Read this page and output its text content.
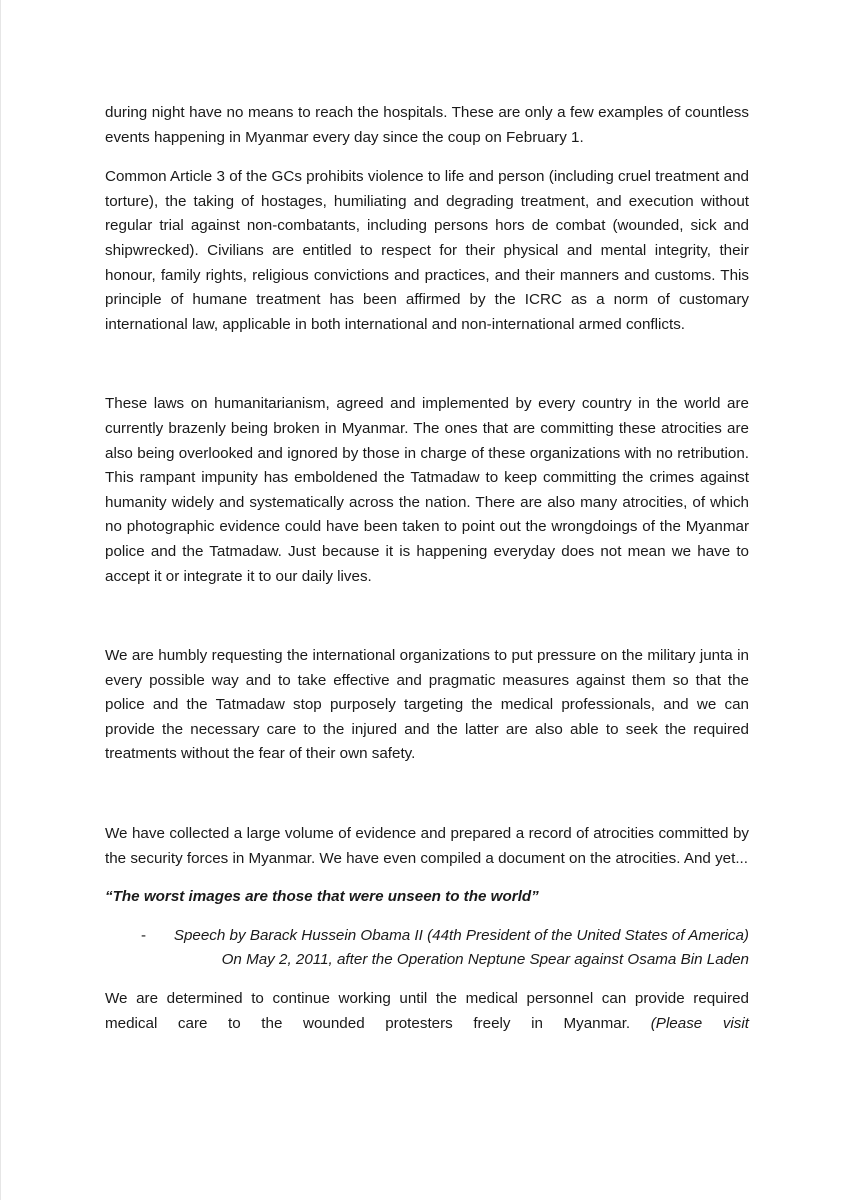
during night have no means to reach the hospitals. These are only a few examples of countless events happening in Myanmar every day since the coup on February 1.

Common Article 3 of the GCs prohibits violence to life and person (including cruel treatment and torture), the taking of hostages, humiliating and degrading treatment, and execution without regular trial against non-combatants, including persons hors de combat (wounded, sick and shipwrecked). Civilians are entitled to respect for their physical and mental integrity, their honour, family rights, religious convictions and practices, and their manners and customs. This principle of humane treatment has been affirmed by the ICRC as a norm of customary international law, applicable in both international and non-international armed conflicts.

These laws on humanitarianism, agreed and implemented by every country in the world are currently brazenly being broken in Myanmar. The ones that are committing these atrocities are also being overlooked and ignored by those in charge of these organizations with no retribution. This rampant impunity has emboldened the Tatmadaw to keep committing the crimes against humanity widely and systematically across the nation. There are also many atrocities, of which no photographic evidence could have been taken to point out the wrongdoings of the Myanmar police and the Tatmadaw. Just because it is happening everyday does not mean we have to accept it or integrate it to our daily lives.

We are humbly requesting the international organizations to put pressure on the military junta in every possible way and to take effective and pragmatic measures against them so that the police and the Tatmadaw stop purposely targeting the medical professionals, and we can provide the necessary care to the injured and the latter are also able to seek the required treatments without the fear of their own safety.

We have collected a large volume of evidence and prepared a record of atrocities committed by the security forces in Myanmar. We have even compiled a document on the atrocities. And yet...

“The worst images are those that were unseen to the world”

-	Speech by Barack Hussein Obama II (44th President of the United States of America)
On May 2, 2011, after the Operation Neptune Spear against Osama Bin Laden

We are determined to continue working until the medical personnel can provide required medical care to the wounded protesters freely in Myanmar. (Please visit
